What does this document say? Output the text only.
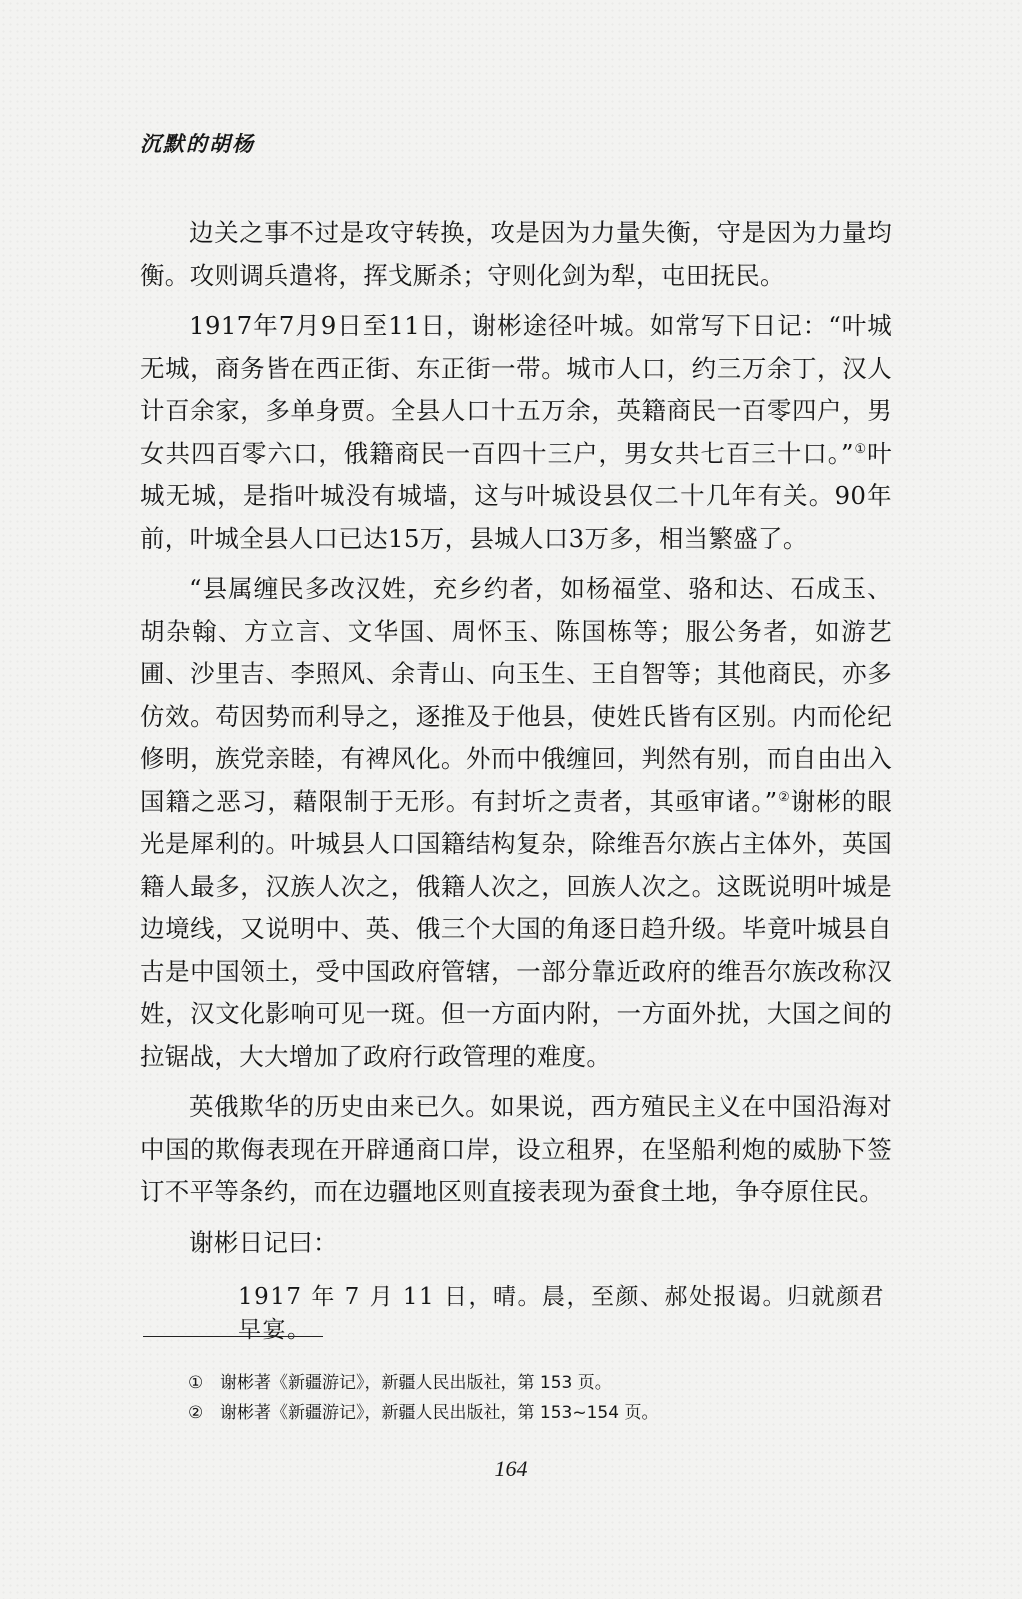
沉默的胡杨

边关之事不过是攻守转换，攻是因为力量失衡，守是因为力量均衡。攻则调兵遣将，挥戈厮杀；守则化剑为犁，屯田抚民。

1917年7月9日至11日，谢彬途径叶城。如常写下日记：“叶城无城，商务皆在西正街、东正街一带。城市人口，约三万余丁，汉人计百余家，多单身贾。全县人口十五万余，英籍商民一百零四户，男女共四百零六口，俄籍商民一百四十三户，男女共七百三十口。”①叶城无城，是指叶城没有城墙，这与叶城设县仅二十几年有关。90年前，叶城全县人口已达15万，县城人口3万多，相当繁盛了。

“县属缠民多改汉姓，充乡约者，如杨福堂、骆和达、石成玉、胡杂翰、方立言、文华国、周怀玉、陈国栋等；服公务者，如游艺圃、沙里吉、李照风、余青山、向玉生、王自智等；其他商民，亦多仿效。苟因势而利导之，逐推及于他县，使姓氏皆有区别。内而伦纪修明，族党亲睦，有裨风化。外而中俄缠回，判然有别，而自由出入国籍之恶习，藉限制于无形。有封圻之责者，其亟审诸。”②谢彬的眼光是犀利的。叶城县人口国籍结构复杂，除维吾尔族占主体外，英国籍人最多，汉族人次之，俄籍人次之，回族人次之。这既说明叶城是边境线，又说明中、英、俄三个大国的角逐日趋升级。毕竟叶城县自古是中国领土，受中国政府管辖，一部分靠近政府的维吾尔族改称汉姓，汉文化影响可见一斑。但一方面内附，一方面外扰，大国之间的拉锯战，大大增加了政府行政管理的难度。

英俄欺华的历史由来已久。如果说，西方殖民主义在中国沿海对中国的欺侮表现在开辟通商口岸，设立租界，在坚船利炮的威胁下签订不平等条约，而在边疆地区则直接表现为蚕食土地，争夺原住民。

谢彬日记曰：

1917 年 7 月 11 日，晴。晨，至颜、郝处报谒。归就颜君早宴。
① 谢彬著《新疆游记》，新疆人民出版社，第 153 页。
② 谢彬著《新疆游记》，新疆人民出版社，第 153~154 页。
164
